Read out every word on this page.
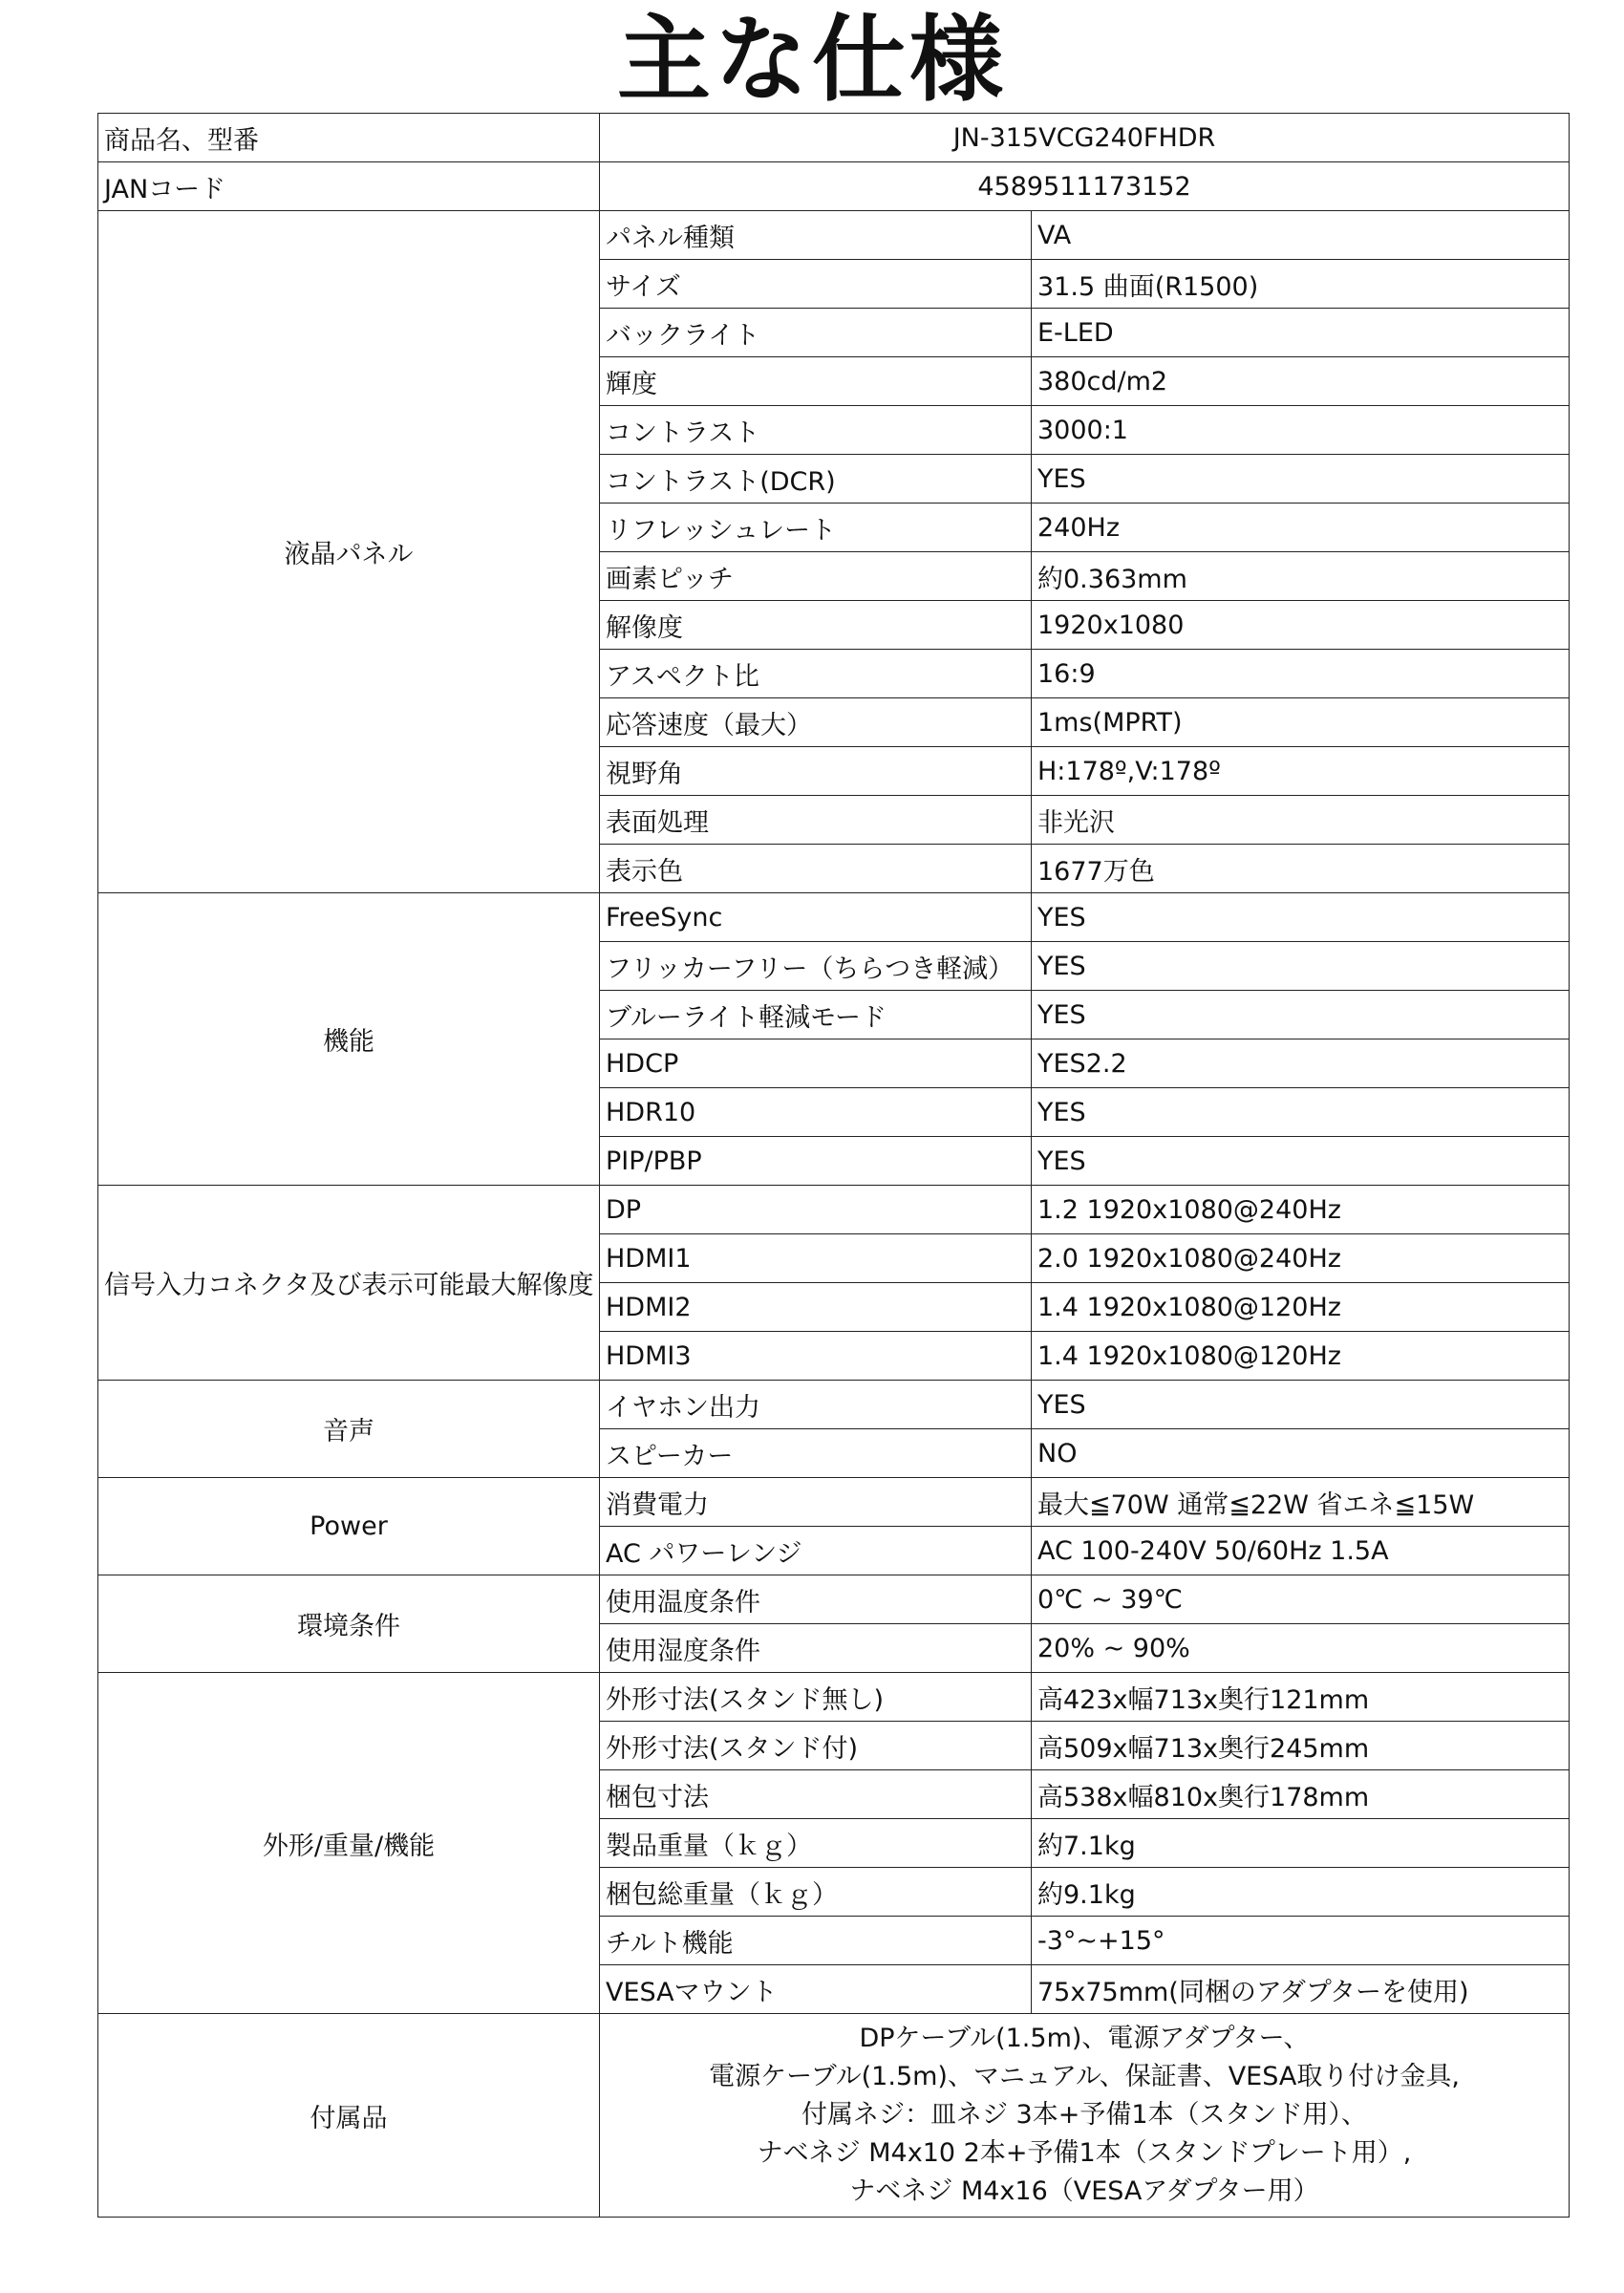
主な仕様
商品名、型番	JN-315VCG240FHDR	
JANコード	4589511173152	
液晶パネル	パネル種類	VA
	サイズ	31.5 曲面(R1500)
	バックライト	E-LED
	輝度	380cd/m2
	コントラスト	3000:1
	コントラスト(DCR)	YES
	リフレッシュレート	240Hz
	画素ピッチ	約0.363mm
	解像度	1920x1080
	アスペクト比	16:9
	応答速度（最大）	1ms(MPRT)
	視野角	H:178º,V:178º
	表面処理	非光沢
	表示色	1677万色
機能	FreeSync	YES
	フリッカーフリー（ちらつき軽減）	YES
	ブルーライト軽減モード	YES
	HDCP	YES2.2
	HDR10	YES
	PIP/PBP	YES
信号入力コネクタ及び表示可能最大解像度	DP	1.2 1920x1080@240Hz
	HDMI1	2.0 1920x1080@240Hz
	HDMI2	1.4 1920x1080@120Hz
	HDMI3	1.4 1920x1080@120Hz
音声	イヤホン出力	YES
	スピーカー	NO
Power	消費電力	最大≦70W 通常≦22W 省エネ≦15W
	AC パワーレンジ	AC 100-240V 50/60Hz 1.5A
環境条件	使用温度条件	0℃ ~ 39℃
	使用湿度条件	20% ~ 90%
外形/重量/機能	外形寸法(スタンド無し)	高423x幅713x奥行121mm
	外形寸法(スタンド付)	高509x幅713x奥行245mm
	梱包寸法	高538x幅810x奥行178mm
	製品重量（ｋｇ）	約7.1kg
	梱包総重量（ｋｇ）	約9.1kg
	チルト機能	-3°~+15°
	VESAマウント	75x75mm(同梱のアダプターを使用)
付属品	DPケーブル(1.5m)、電源アダプター、
電源ケーブル(1.5m)、マニュアル、保証書、VESA取り付け金具,
付属ネジ：皿ネジ 3本+予備1本（スタンド用）、
ナベネジ M4x10 2本+予備1本（スタンドプレート用）,
ナベネジ M4x16（VESAアダプター用）	
